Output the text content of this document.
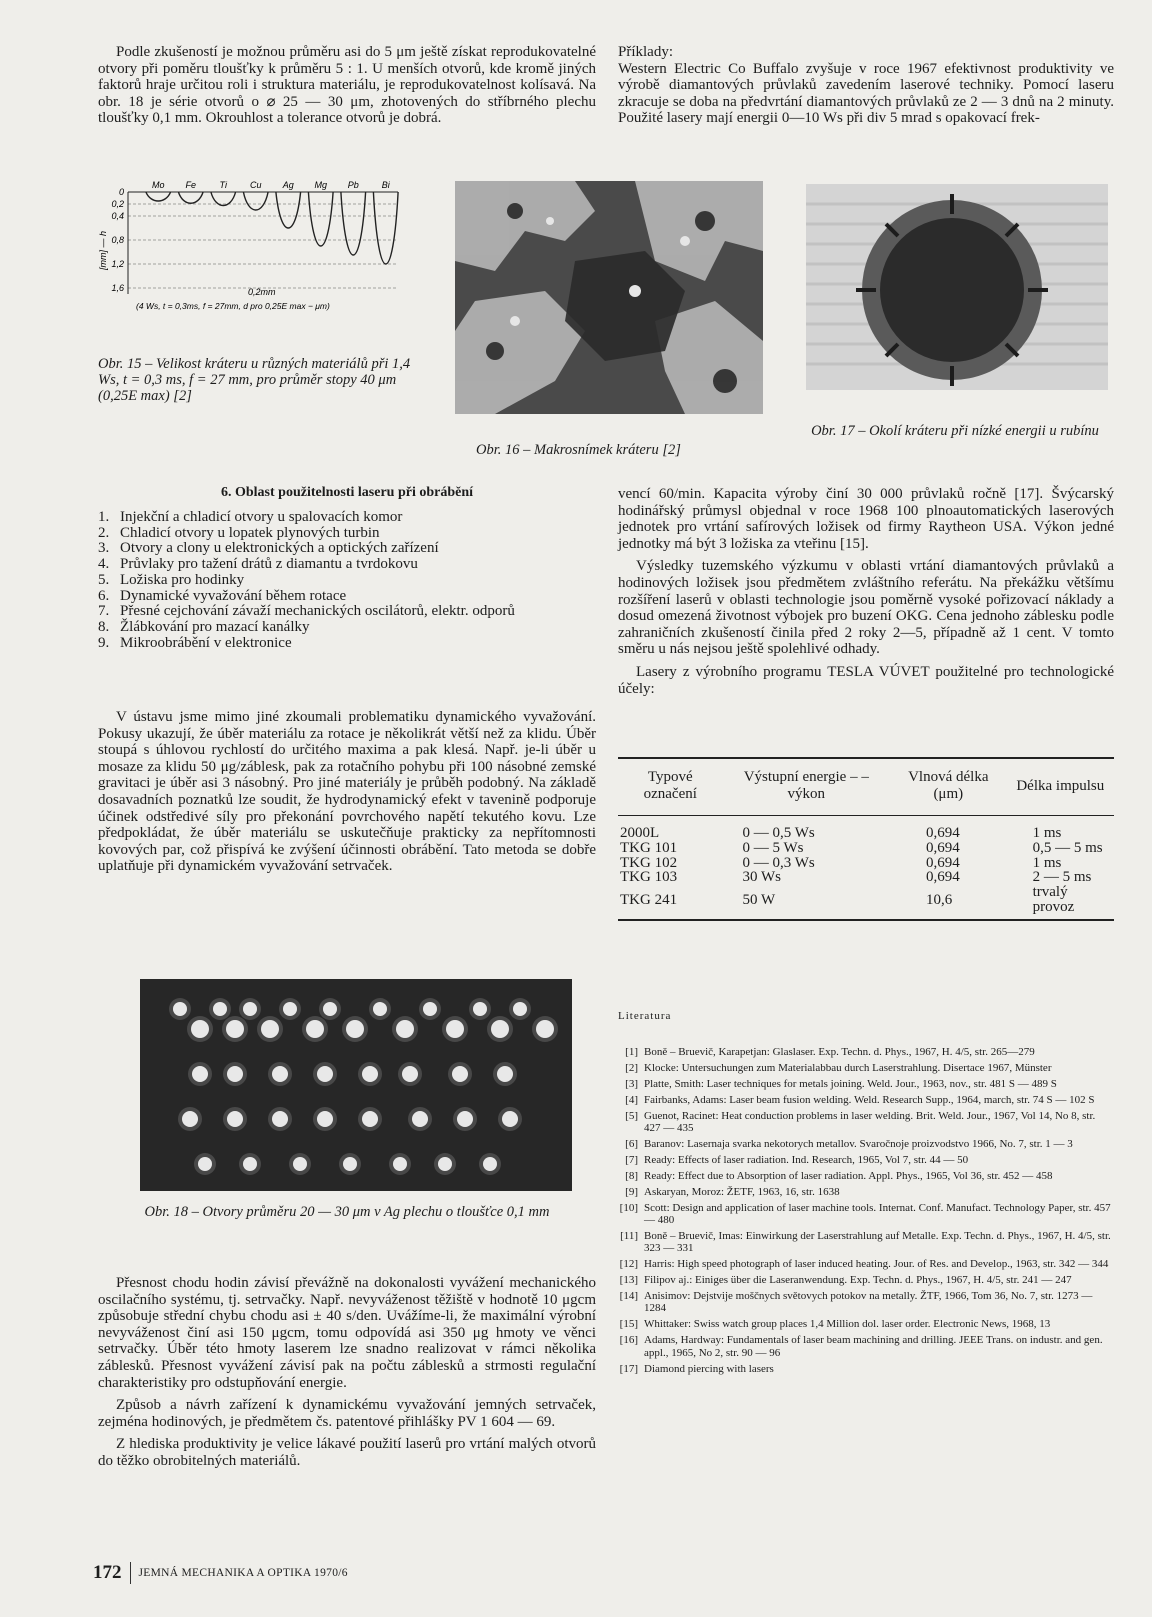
Podle zkušeností je možnou průměru asi do 5 μm ještě získat reprodukovatelné otvory při poměru tloušťky k průměru 5 : 1. U menších otvorů, kde kromě jiných faktorů hraje určitou roli i struktura materiálu, je reprodukovatelnost kolísavá. Na obr. 18 je série otvorů o ⌀ 25 — 30 μm, zhotovených do stříbrného plechu tloušťky 0,1 mm. Okrouhlost a tolerance otvorů je dobrá.

Příklady:
Western Electric Co Buffalo zvyšuje v roce 1967 efektivnost produktivity ve výrobě diamantových průvlaků zavedením laserové techniky. Pomocí laseru zkracuje se doba na předvrtání diamantových průvlaků ze 2 — 3 dnů na 2 minuty. Použité lasery mají energii 0—10 Ws při div 5 mrad s opakovací frek-
0
0,2
0,4
0,8
1,2
1,6
Mo Fe	Ti	Cu Ag Mg Pb	Bi
[mm] — h
0,2mm
(4 Ws, t = 0,3ms, f = 27mm, d pro 0,25E max − μm)
Obr. 15 – Velikost kráteru u různých materiálů při 1,4 Ws, t = 0,3 ms, f = 27 mm, pro průměr stopy 40 μm (0,25E max) [2]
Obr. 16 – Makrosnímek kráteru [2]
Obr. 17 – Okolí kráteru při nízké energii u rubínu
6. Oblast použitelnosti laseru při obrábění
1. Injekční a chladicí otvory u spalovacích komor
2. Chladicí otvory u lopatek plynových turbin
3. Otvory a clony u elektronických a optických zařízení
4. Průvlaky pro tažení drátů z diamantu a tvrdokovu
5. Ložiska pro hodinky
6. Dynamické vyvažování během rotace
7. Přesné cejchování závaží mechanických oscilátorů, elektr. odporů
8. Žlábkování pro mazací kanálky
9. Mikroobrábění v elektronice

V ústavu jsme mimo jiné zkoumali problematiku dynamického vyvažování. Pokusy ukazují, že úběr materiálu za rotace je několikrát větší než za klidu. Úběr stoupá s úhlovou rychlostí do určitého maxima a pak klesá. Např. je-li úběr u mosaze za klidu 50 μg/záblesk, pak za rotačního pohybu při 100 násobné zemské gravitaci je úběr asi 3 násobný. Pro jiné materiály je průběh podobný. Na základě dosavadních poznatků lze soudit, že hydrodynamický efekt v tavenině podporuje účinek odstředivé síly pro překonání povrchového napětí tekutého kovu. Lze předpokládat, že úběr materiálu se uskutečňuje prakticky za nepřítomnosti kovových par, což přispívá ke zvýšení účinnosti obrábění. Tato metoda se dobře uplatňuje při dynamickém vyvažování setrvaček.

Obr. 18 – Otvory průměru 20 — 30 μm v Ag plechu o tloušťce 0,1 mm

Přesnost chodu hodin závisí převážně na dokonalosti vyvážení mechanického oscilačního systému, tj. setrvačky. Např. nevyváženost těžiště v hodnotě 10 μgcm způsobuje střední chybu chodu asi ± 40 s/den. Uvážíme-li, že maximální výrobní nevyváženost činí asi 150 μgcm, tomu odpovídá asi 350 μg hmoty ve věnci setrvačky. Úběr této hmoty laserem lze snadno realizovat v rámci několika záblesků. Přesnost vyvážení závisí pak na počtu záblesků a strmosti regulační charakteristiky pro odstupňování energie.

Způsob a návrh zařízení k dynamickému vyvažování jemných setrvaček, zejména hodinových, je předmětem čs. patentové přihlášky PV 1 604 — 69.

Z hlediska produktivity je velice lákavé použití laserů pro vrtání malých otvorů do těžko obrobitelných materiálů.

vencí 60/min. Kapacita výroby činí 30 000 průvlaků ročně [17]. Švýcarský hodinářský průmysl objednal v roce 1968 100 plnoautomatických laserových jednotek pro vrtání safírových ložisek od firmy Raytheon USA. Výkon jedné jednotky má být 3 ložiska za vteřinu [15].

Výsledky tuzemského výzkumu v oblasti vrtání diamantových průvlaků a hodinových ložisek jsou předmětem zvláštního referátu. Na překážku většímu rozšíření laserů v oblasti technologie jsou poměrně vysoké pořizovací náklady a dosud omezená životnost výbojek pro buzení OKG. Cena jednoho záblesku podle zahraničních zkušeností činila před 2 roky 2—5, případně až 1 cent. V tomto směru u nás nejsou ještě spolehlivé odhady.

Lasery z výrobního programu TESLA VÚVET použitelné pro technologické účely:

Typové označení	Výstupní energie – – výkon	Vlnová délka (μm)	Délka impulsu
2000L	0 — 0,5 Ws	0,694	1 ms
TKG 101	0 — 5 Ws	0,694	0,5 — 5 ms
TKG 102	0 — 0,3 Ws	0,694	1 ms
TKG 103	30 Ws	0,694	2 — 5 ms
TKG 241	50 W	10,6	trvalý provoz
Literatura
[1] Boně – Bruevič, Karapetjan: Glaslaser. Exp. Techn. d. Phys., 1967, H. 4/5, str. 265—279
[2] Klocke: Untersuchungen zum Materialabbau durch Laserstrahlung. Disertace 1967, Münster
[3] Platte, Smith: Laser techniques for metals joining. Weld. Jour., 1963, nov., str. 481 S — 489 S
[4] Fairbanks, Adams: Laser beam fusion welding. Weld. Research Supp., 1964, march, str. 74 S — 102 S
[5] Guenot, Racinet: Heat conduction problems in laser welding. Brit. Weld. Jour., 1967, Vol 14, No 8, str. 427 — 435
[6] Baranov: Lasernaja svarka nekotorych metallov. Svaročnoje proizvodstvo 1966, No. 7, str. 1 — 3
[7] Ready: Effects of laser radiation. Ind. Research, 1965, Vol 7, str. 44 — 50
[8] Ready: Effect due to Absorption of laser radiation. Appl. Phys., 1965, Vol 36, str. 452 — 458
[9] Askaryan, Moroz: ŽETF, 1963, 16, str. 1638
[10] Scott: Design and application of laser machine tools. Internat. Conf. Manufact. Technology Paper, str. 457 — 480
[11] Boně – Bruevič, Imas: Einwirkung der Laserstrahlung auf Metalle. Exp. Techn. d. Phys., 1967, H. 4/5, str. 323 — 331
[12] Harris: High speed photograph of laser induced heating. Jour. of Res. and Develop., 1963, str. 342 — 344
[13] Filipov aj.: Einiges über die Laseranwendung. Exp. Techn. d. Phys., 1967, H. 4/5, str. 241 — 247
[14] Anisimov: Dejstvije moščnych světovych potokov na metally. ŽTF, 1966, Tom 36, No. 7, str. 1273 — 1284
[15] Whittaker: Swiss watch group places 1,4 Million dol. laser order. Electronic News, 1968, 13
[16] Adams, Hardway: Fundamentals of laser beam machining and drilling. JEEE Trans. on industr. and gen. appl., 1965, No 2, str. 90 — 96
[17] Diamond piercing with lasers
172	JEMNÁ MECHANIKA A OPTIKA 1970/6
